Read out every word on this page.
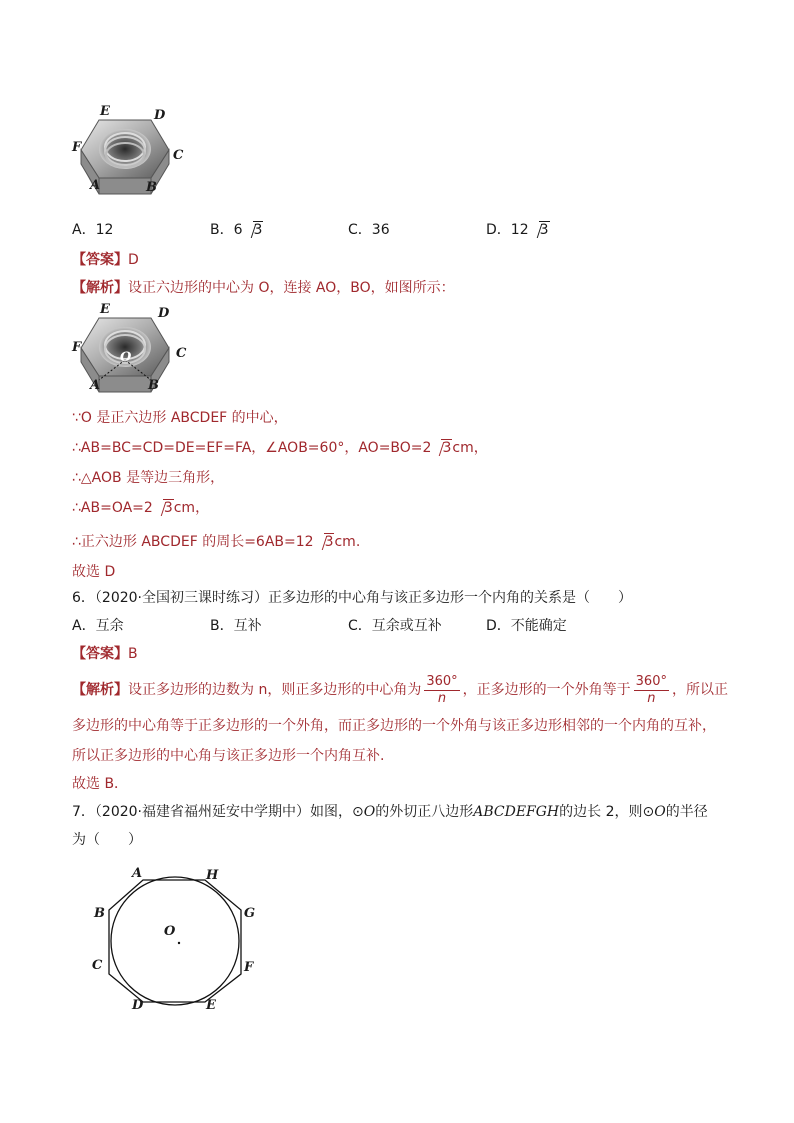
E	D
F
C
A	B
A．12	B．6 3	C．36	D．12 3
【答案】D
【解析】设正六边形的中心为 O，连接 AO，BO，如图所示：
E	D
F	C
O
A	B
∵O 是正六边形 ABCDEF 的中心，
∴AB=BC=CD=DE=EF=FA，∠AOB=60°，AO=BO=2 3cm，
∴△AOB 是等边三角形，
∴AB=OA=2 3cm，
∴正六边形 ABCDEF 的周长=6AB=12 3cm.
故选 D
6．（2020·全国初三课时练习）正多边形的中心角与该正多边形一个内角的关系是（　　）
A．互余	B．互补	C．互余或互补	D．不能确定
【答案】B
【解析】设正多边形的边数为 n，则正多边形的中心角为 $\frac{360^\circ}{n}$ ，正多边形的一个外角等于 $\frac{360^\circ}{n}$ ，所以正
多边形的中心角等于正多边形的一个外角，而正多边形的一个外角与该正多边形相邻的一个内角的互补，
所以正多边形的中心角与该正多边形一个内角互补.
故选 B．
7．（2020·福建省福州延安中学期中）如图，⊙O的外切正八边形ABCDEFGH的边长 2，则⊙O的半径
为（　　）
A	H
B	G
O
C	F
D	E
